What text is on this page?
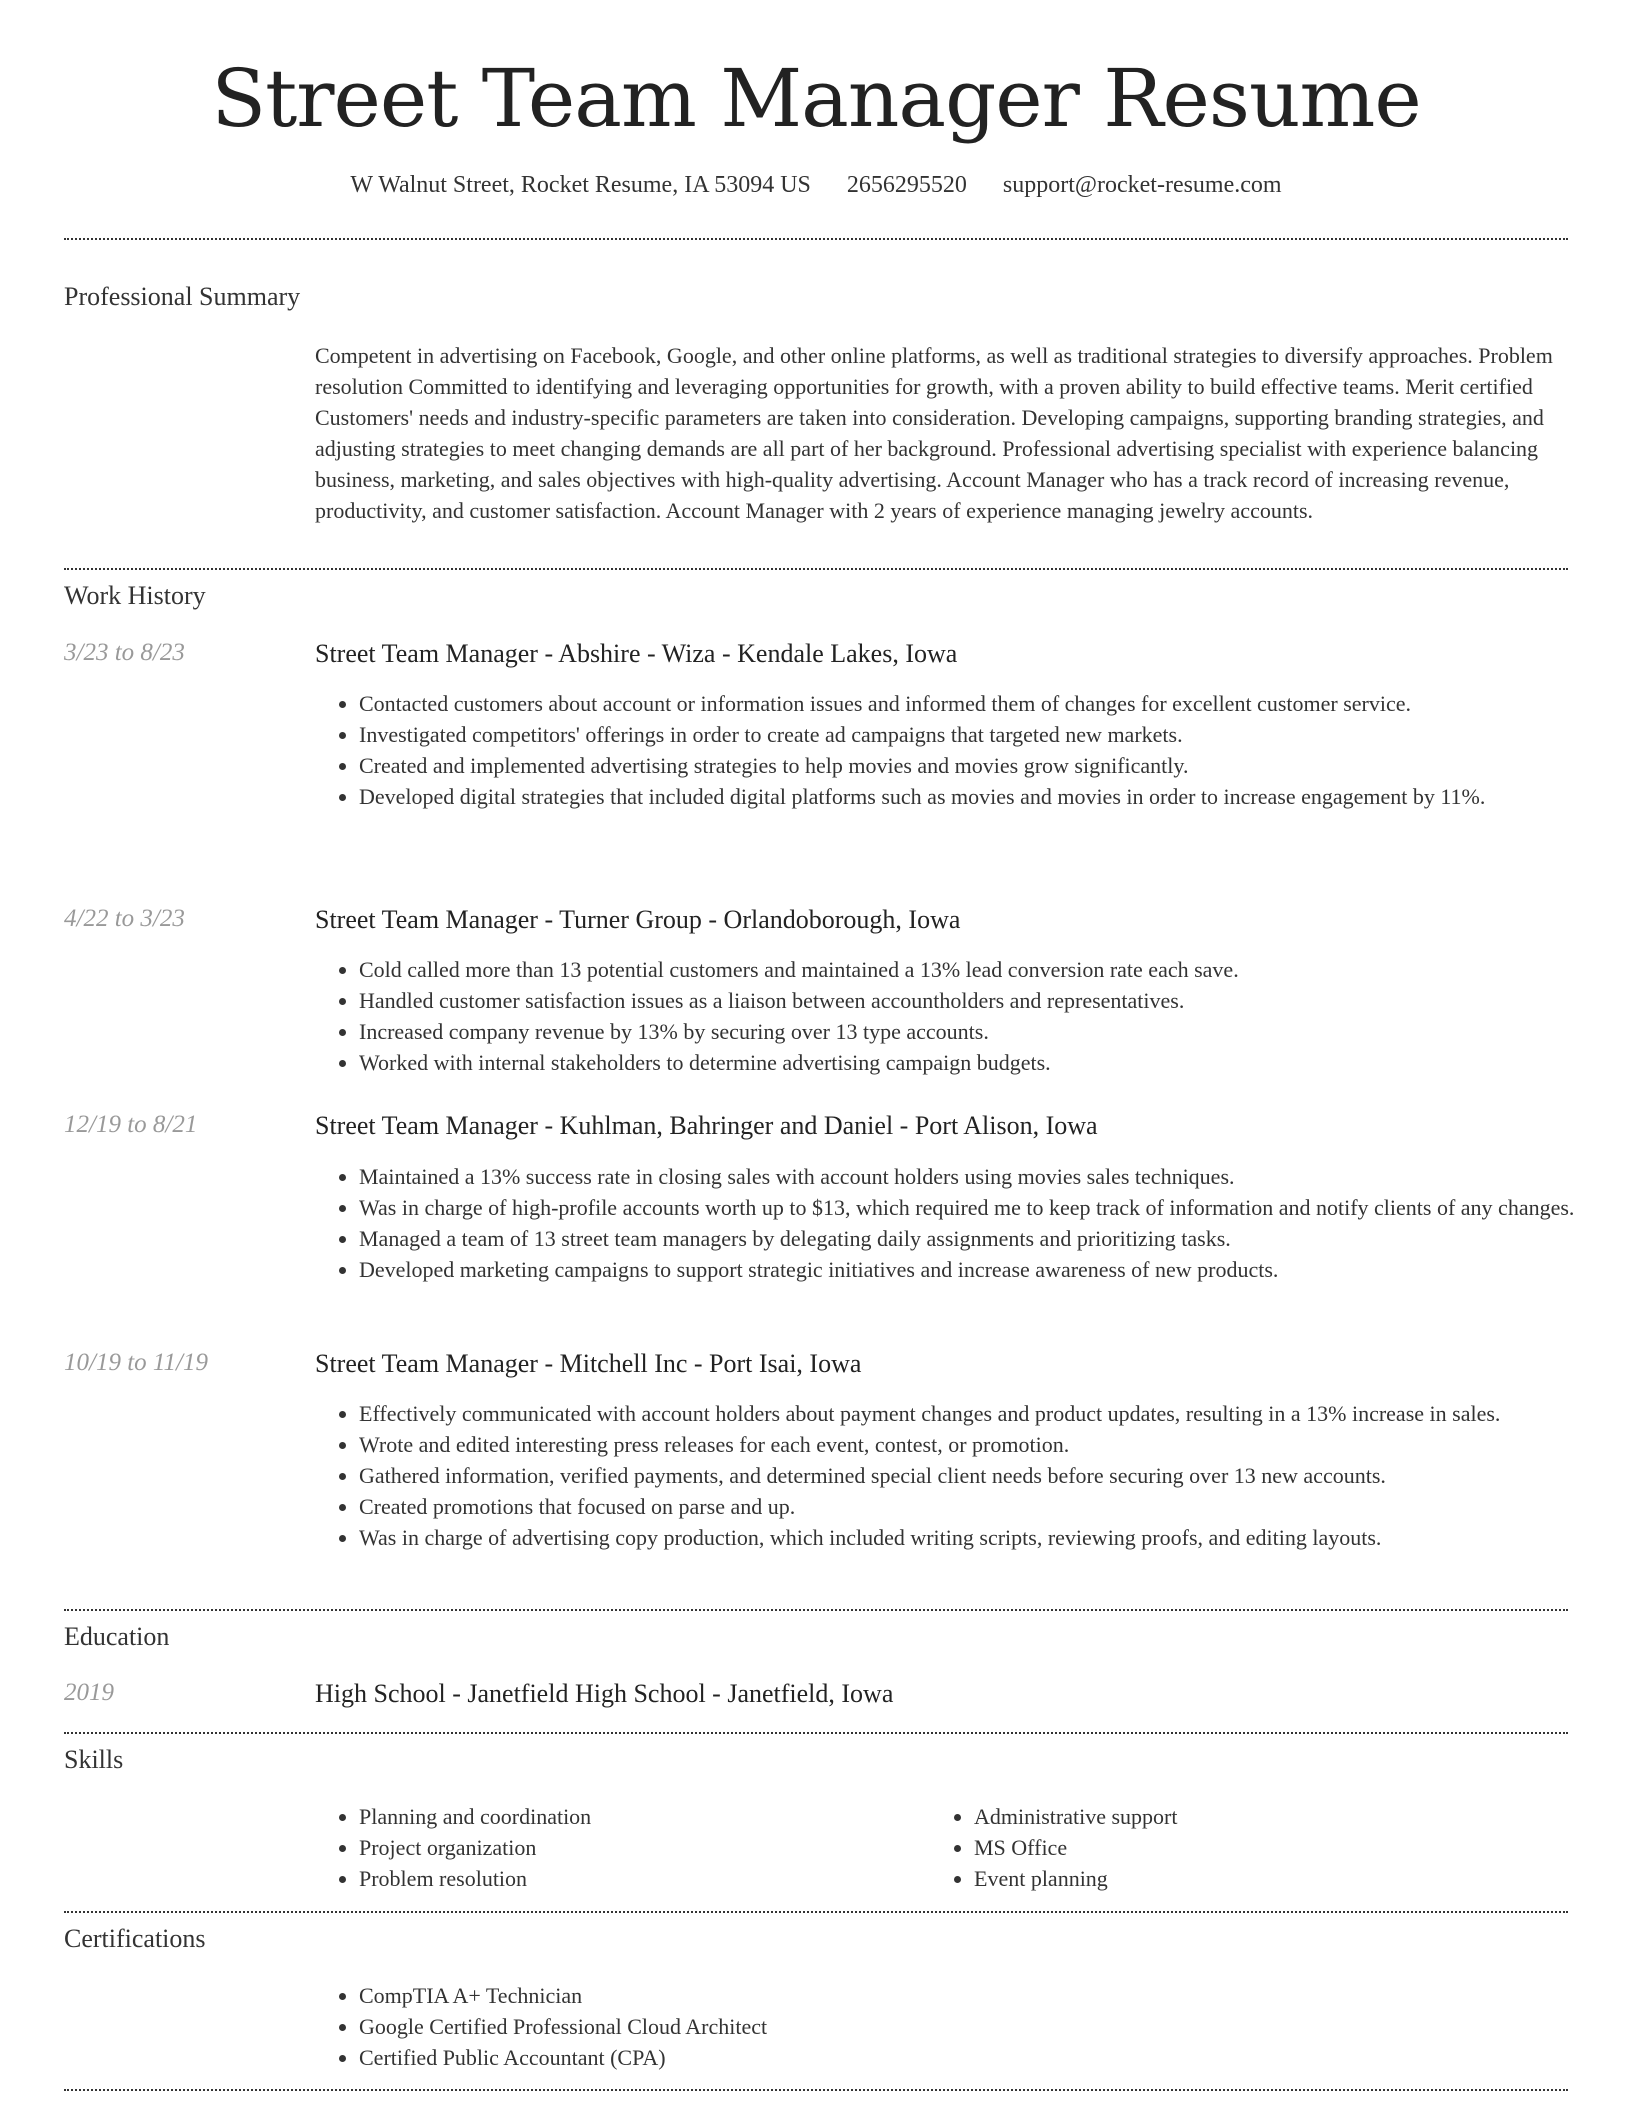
Street Team Manager Resume
W Walnut Street, Rocket Resume, IA 53094 US 2656295520 support@rocket-resume.com
Professional Summary
Competent in advertising on Facebook, Google, and other online platforms, as well as traditional strategies to diversify approaches. Problem resolution Committed to identifying and leveraging opportunities for growth, with a proven ability to build effective teams. Merit certified Customers' needs and industry-specific parameters are taken into consideration. Developing campaigns, supporting branding strategies, and adjusting strategies to meet changing demands are all part of her background. Professional advertising specialist with experience balancing business, marketing, and sales objectives with high-quality advertising. Account Manager who has a track record of increasing revenue, productivity, and customer satisfaction. Account Manager with 2 years of experience managing jewelry accounts.
Work History
3/23 to 8/23	Street Team Manager - Abshire - Wiza - Kendale Lakes, Iowa
• Contacted customers about account or information issues and informed them of changes for excellent customer service.
• Investigated competitors' offerings in order to create ad campaigns that targeted new markets.
• Created and implemented advertising strategies to help movies and movies grow significantly.
• Developed digital strategies that included digital platforms such as movies and movies in order to increase engagement by 11%.
4/22 to 3/23	Street Team Manager - Turner Group - Orlandoborough, Iowa
• Cold called more than 13 potential customers and maintained a 13% lead conversion rate each save.
• Handled customer satisfaction issues as a liaison between accountholders and representatives.
• Increased company revenue by 13% by securing over 13 type accounts.
• Worked with internal stakeholders to determine advertising campaign budgets.
12/19 to 8/21	Street Team Manager - Kuhlman, Bahringer and Daniel - Port Alison, Iowa
• Maintained a 13% success rate in closing sales with account holders using movies sales techniques.
• Was in charge of high-profile accounts worth up to $13, which required me to keep track of information and notify clients of any changes.
• Managed a team of 13 street team managers by delegating daily assignments and prioritizing tasks.
• Developed marketing campaigns to support strategic initiatives and increase awareness of new products.
10/19 to 11/19	Street Team Manager - Mitchell Inc - Port Isai, Iowa
• Effectively communicated with account holders about payment changes and product updates, resulting in a 13% increase in sales.
• Wrote and edited interesting press releases for each event, contest, or promotion.
• Gathered information, verified payments, and determined special client needs before securing over 13 new accounts.
• Created promotions that focused on parse and up.
• Was in charge of advertising copy production, which included writing scripts, reviewing proofs, and editing layouts.
Education
2019	High School - Janetfield High School - Janetfield, Iowa
Skills
• Planning and coordination
• Project organization
• Problem resolution
• Administrative support
• MS Office
• Event planning
Certifications
• CompTIA A+ Technician
• Google Certified Professional Cloud Architect
• Certified Public Accountant (CPA)
